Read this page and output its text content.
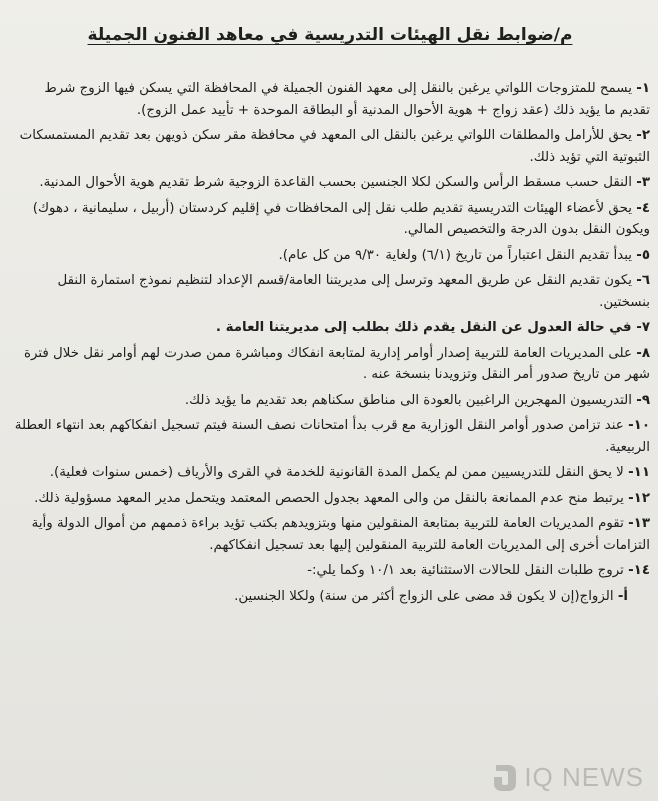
م/ضوابط نقل الهيئات التدريسية في معاهد الفنون الجميلة
١- يسمح للمتزوجات اللواتي يرغبن بالنقل إلى معهد الفنون الجميلة في المحافظة التي يسكن فيها الزوج شرط تقديم ما يؤيد ذلك (عقد زواج + هوية الأحوال المدنية أو البطاقة الموحدة + تأييد عمل الزوج).
٢- يحق للأرامل والمطلقات اللواتي يرغبن بالنقل الى المعهد في محافظة مقر سكن ذويهن بعد تقديم المستمسكات الثبوتية التي تؤيد ذلك.
٣- النقل حسب مسقط الرأس والسكن لكلا الجنسين بحسب القاعدة الزوجية شرط تقديم هوية الأحوال المدنية.
٤- يحق لأعضاء الهيئات التدريسية تقديم طلب نقل إلى المحافظات في إقليم كردستان (أربيل ، سليمانية ، دهوك) ويكون النقل بدون الدرجة والتخصيص المالي.
٥- يبدأ تقديم النقل اعتباراً من تاريخ (٦/١) ولغاية ٩/٣٠ من كل عام).
٦- يكون تقديم النقل عن طريق المعهد وترسل إلى مديريتنا العامة/قسم الإعداد لتنظيم نموذج استمارة النقل بنسختين.
٧- في حالة العدول عن النقل يقدم ذلك بطلب إلى مديريتنا العامة .
٨- على المديريات العامة للتربية إصدار أوامر إدارية لمتابعة انفكاك ومباشرة ممن صدرت لهم أوامر نقل خلال فترة شهر من تاريخ صدور أمر النقل وتزويدنا بنسخة عنه .
٩- التدريسيون المهجرين الراغبين بالعودة الى مناطق سكناهم بعد تقديم ما يؤيد ذلك.
١٠- عند تزامن صدور أوامر النقل الوزارية مع قرب بدأ امتحانات نصف السنة فيتم تسجيل انفكاكهم بعد انتهاء العطلة الربيعية.
١١- لا يحق النقل للتدريسيين ممن لم يكمل المدة القانونية للخدمة في القرى والأرياف (خمس سنوات فعلية).
١٢- يرتبط منح عدم الممانعة بالنقل من والى المعهد بجدول الحصص المعتمد ويتحمل مدير المعهد مسؤولية ذلك.
١٣- تقوم المديريات العامة للتربية بمتابعة المنقولين منها وبتزويدهم بكتب تؤيد براءة ذممهم من أموال الدولة وأية التزامات أخرى إلى المديريات العامة للتربية المنقولين إليها بعد تسجيل انفكاكهم.
١٤- تروج طلبات النقل للحالات الاستثنائية بعد ١٠/١ وكما يلي:-
أ- الزواج(إن لا يكون قد مضى على الزواج أكثر من سنة) ولكلا الجنسين.
IQ NEWS
